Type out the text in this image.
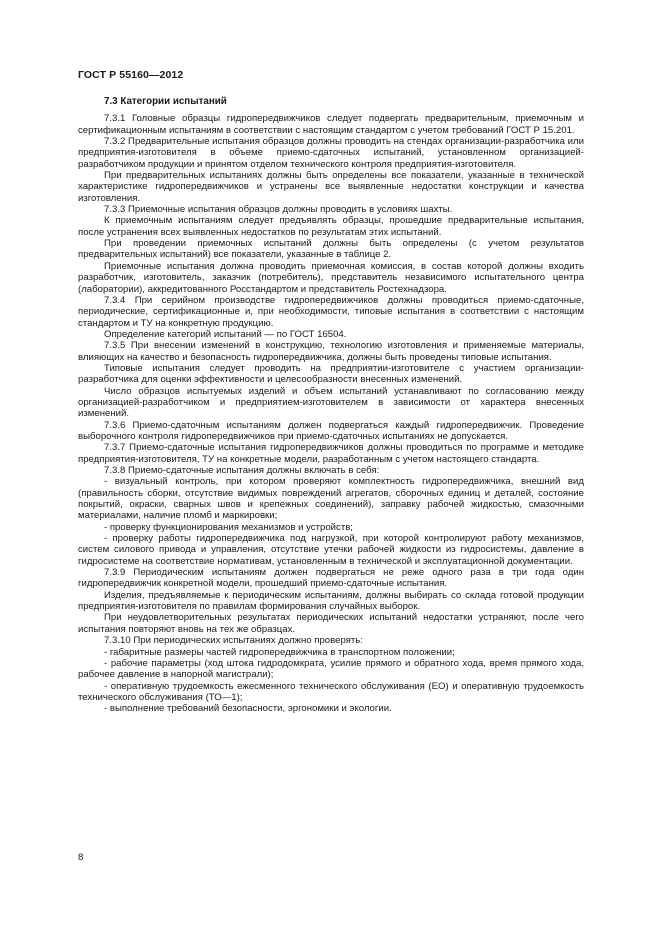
ГОСТ Р 55160—2012
7.3 Категории испытаний

7.3.1 Головные образцы гидропередвижчиков следует подвергать предварительным, приемочным и сертификационным испытаниям в соответствии с настоящим стандартом с учетом требований ГОСТ Р 15.201.

7.3.2 Предварительные испытания образцов должны проводить на стендах организации-разработчика или предприятия-изготовителя в объеме приемо-сдаточных испытаний, установленном организацией-разработчиком продукции и принятом отделом технического контроля предприятия-изготовителя.

При предварительных испытаниях должны быть определены все показатели, указанные в технической характеристике гидропередвижчиков и устранены все выявленные недостатки конструкции и качества изготовления.

7.3.3 Приемочные испытания образцов должны проводить в условиях шахты.

К приемочным испытаниям следует предъявлять образцы, прошедшие предварительные испытания, после устранения всех выявленных недостатков по результатам этих испытаний.

При проведении приемочных испытаний должны быть определены (с учетом результатов предварительных испытаний) все показатели, указанные в таблице 2.

Приемочные испытания должна проводить приемочная комиссия, в состав которой должны входить разработчик, изготовитель, заказчик (потребитель), представитель независимого испытательного центра (лаборатории), аккредитованного Росстандартом и представитель Ростехнадзора.

7.3.4 При серийном производстве гидропередвижчиков должны проводиться приемо-сдаточные, периодические, сертификационные и, при необходимости, типовые испытания в соответствии с настоящим стандартом и ТУ на конкретную продукцию.

Определение категорий испытаний — по ГОСТ 16504.

7.3.5 При внесении изменений в конструкцию, технологию изготовления и применяемые материалы, влияющих на качество и безопасность гидропередвижчика, должны быть проведены типовые испытания.

Типовые испытания следует проводить на предприятии-изготовителе с участием организации-разработчика для оценки эффективности и целесообразности внесенных изменений.

Число образцов испытуемых изделий и объем испытаний устанавливают по согласованию между организацией-разработчиком и предприятием-изготовителем в зависимости от характера внесенных изменений.

7.3.6 Приемо-сдаточным испытаниям должен подвергаться каждый гидропередвижчик. Проведение выборочного контроля гидропередвижчиков при приемо-сдаточных испытаниях не допускается.

7.3.7 Приемо-сдаточные испытания гидропередвижчиков должны проводиться по программе и методике предприятия-изготовителя, ТУ на конкретные модели, разработанным с учетом настоящего стандарта.

7.3.8 Приемо-сдаточные испытания должны включать в себя:

- визуальный контроль, при котором проверяют комплектность гидропередвижчика, внешний вид (правильность сборки, отсутствие видимых повреждений агрегатов, сборочных единиц и деталей, состояние покрытий, окраски, сварных швов и крепежных соединений), заправку рабочей жидкостью, смазочными материалами, наличие пломб и маркировки;

- проверку функционирования механизмов и устройств;

- проверку работы гидропередвижчика под нагрузкой, при которой контролируют работу механизмов, систем силового привода и управления, отсутствие утечки рабочей жидкости из гидросистемы, давление в гидросистеме на соответствие нормативам, установленным в технической и эксплуатационной документации.

7.3.9 Периодическим испытаниям должен подвергаться не реже одного раза в три года один гидропередвижчик конкретной модели, прошедший приемо-сдаточные испытания.

Изделия, предъявляемые к периодическим испытаниям, должны выбирать со склада готовой продукции предприятия-изготовителя по правилам формирования случайных выборок.

При неудовлетворительных результатах периодических испытаний недостатки устраняют, после чего испытания повторяют вновь на тех же образцах.

7.3.10 При периодических испытаниях должно проверять:

- габаритные размеры частей гидропередвижчика в транспортном положении;

- рабочие параметры (ход штока гидродомкрата, усилие прямого и обратного хода, время прямого хода, рабочее давление в напорной магистрали);

- оперативную трудоемкость ежесменного технического обслуживания (ЕО) и оперативную трудоемкость технического обслуживания (ТО—1);

- выполнение требований безопасности, эргономики и экологии.

8
